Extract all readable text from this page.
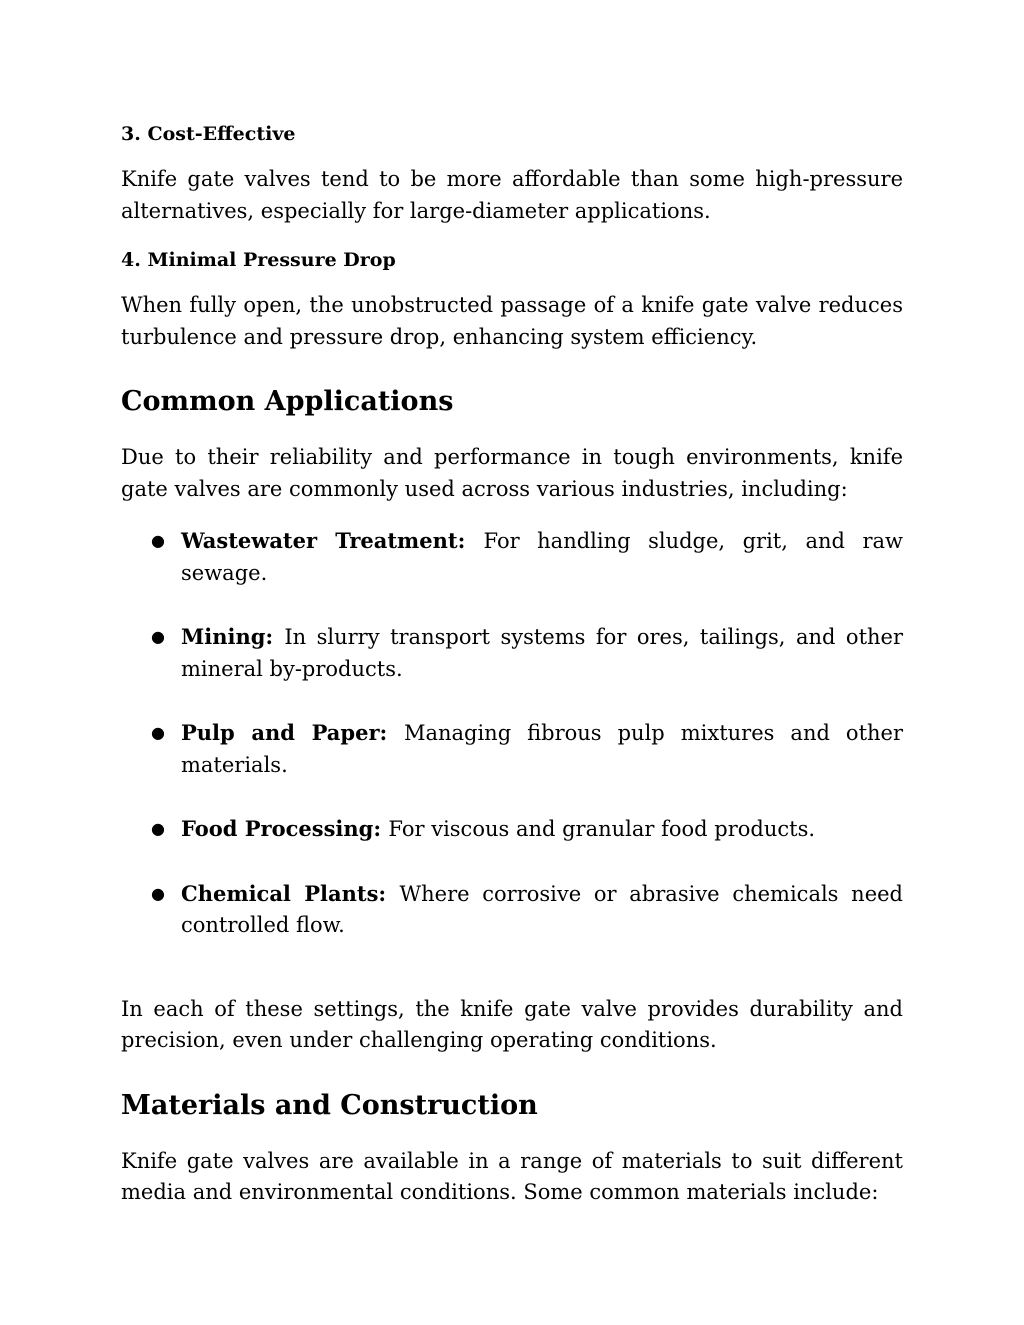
3. Cost-Effective

Knife gate valves tend to be more affordable than some high-pressure alternatives, especially for large-diameter applications.

4. Minimal Pressure Drop

When fully open, the unobstructed passage of a knife gate valve reduces turbulence and pressure drop, enhancing system efficiency.

Common Applications

Due to their reliability and performance in tough environments, knife gate valves are commonly used across various industries, including:

● Wastewater Treatment: For handling sludge, grit, and raw sewage.
● Mining: In slurry transport systems for ores, tailings, and other mineral by-products.
● Pulp and Paper: Managing fibrous pulp mixtures and other materials.
● Food Processing: For viscous and granular food products.
● Chemical Plants: Where corrosive or abrasive chemicals need controlled flow.

In each of these settings, the knife gate valve provides durability and precision, even under challenging operating conditions.

Materials and Construction

Knife gate valves are available in a range of materials to suit different media and environmental conditions. Some common materials include:
